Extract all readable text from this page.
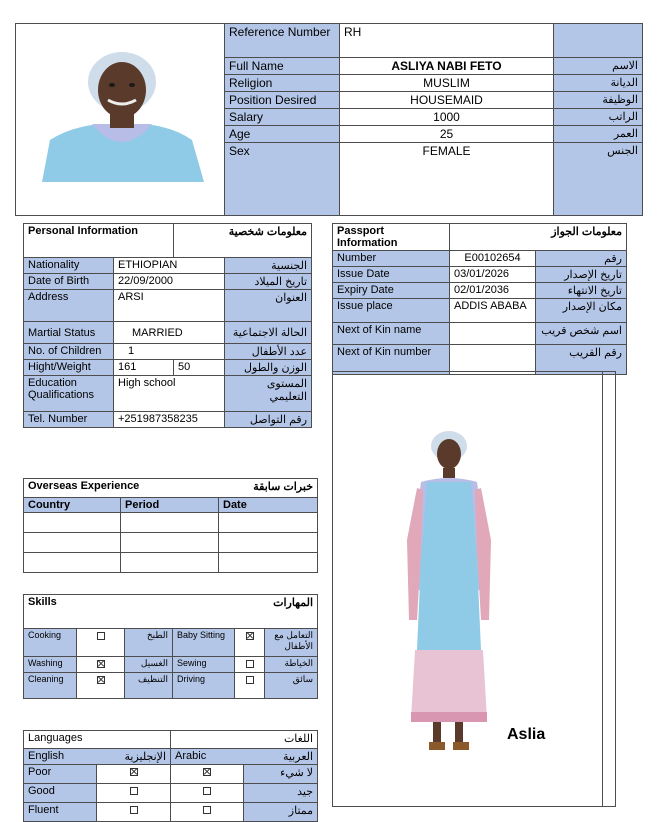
Reference Number	RH	
Full Name	ASLIYA NABI FETO	الاسم
Religion	MUSLIM	الديانة
Position Desired	HOUSEMAID	الوظيفة
Salary	1000	الراتب
Age	25	العمر
Sex	FEMALE	الجنس
Personal Information		معلومات شخصية	
Nationality	ETHIOPIAN		الجنسية
Date of Birth	22/09/2000		تاريخ الميلاد
Address	ARSI		العنوان
Martial Status	MARRIED		الحالة الاجتماعية
No. of Children	1		عدد الأطفال
Hight/Weight	161	50	الوزن والطول
Education Qualifications	High school		المستوى التعليمي
Tel. Number	+251987358235		رقم التواصل
Passport Information	معلومات الجواز	
Number	E00102654	رقم
Issue Date	03/01/2026	تاريخ الإصدار
Expiry Date	02/01/2036	تاريخ الانتهاء
Issue place	ADDIS ABABA	مكان الإصدار
Next of Kin name		اسم شخص قريب
Next of Kin number		رقم القريب
Aslia
Overseas Experience		خبرات سابقة
Country	Period	Date

Skills			المهارات		
Cooking		الطبخ	Baby Sitting		التعامل مع الأطفال
Washing		الغسيل	Sewing		الخياطة
Cleaning		التنظيف	Driving		سائق
Languages		اللغات	
English	الإنجليزية	Arabic	العربية
Poor			لا شيء
Good			جيد
Fluent			ممتاز
